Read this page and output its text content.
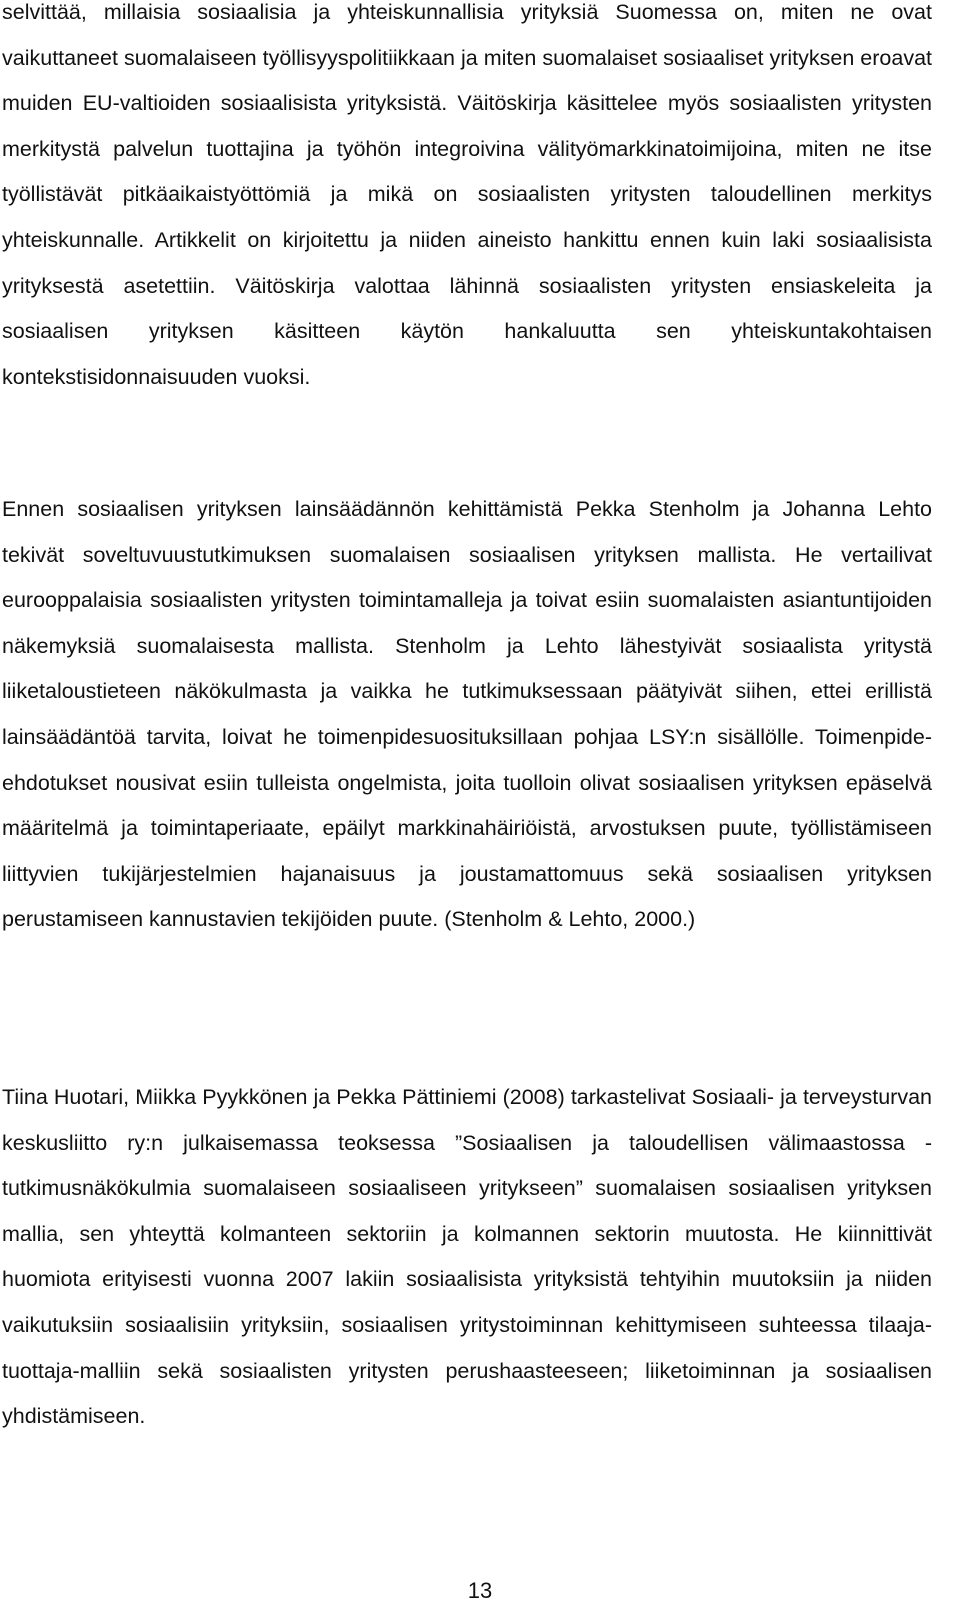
selvittää, millaisia sosiaalisia ja yhteiskunnallisia yrityksiä Suomessa on, miten ne ovat vaikuttaneet suomalaiseen työllisyyspolitiikkaan ja miten suomalaiset sosiaaliset yrityksen eroavat muiden EU-valtioiden sosiaalisista yrityksistä. Väitöskirja käsittelee myös sosiaalisten yritysten merkitystä palvelun tuottajina ja työhön integroivina välityömarkkinatoimijoina, miten ne itse työllistävät pitkäaikaistyöttömiä ja mikä on sosiaalisten yritysten taloudellinen merkitys yhteiskunnalle. Artikkelit on kirjoitettu ja niiden aineisto hankittu ennen kuin laki sosiaalisista yrityksestä asetettiin. Väitöskirja valottaa lähinnä sosiaalisten yritysten ensiaskeleita ja sosiaalisen yrityksen käsitteen käytön hankaluutta sen yhteiskuntakohtaisen kontekstisidonnaisuuden vuoksi.

Ennen sosiaalisen yrityksen lainsäädännön kehittämistä Pekka Stenholm ja Johanna Lehto tekivät soveltuvuustutkimuksen suomalaisen sosiaalisen yrityksen mallista. He vertailivat eurooppalaisia sosiaalisten yritysten toimintamalleja ja toivat esiin suomalaisten asiantuntijoiden näkemyksiä suomalaisesta mallista. Stenholm ja Lehto lähestyivät sosiaalista yritystä liiketaloustieteen näkökulmasta ja vaikka he tutkimuksessaan päätyivät siihen, ettei erillistä lainsäädäntöä tarvita, loivat he toimenpidesuosituksillaan pohjaa LSY:n sisällölle. Toimenpide-ehdotukset nousivat esiin tulleista ongelmista, joita tuolloin olivat sosiaalisen yrityksen epäselvä määritelmä ja toimintaperiaate, epäilyt markkinahäiriöistä, arvostuksen puute, työllistämiseen liittyvien tukijärjestelmien hajanaisuus ja joustamattomuus sekä sosiaalisen yrityksen perustamiseen kannustavien tekijöiden puute. (Stenholm & Lehto, 2000.)

Tiina Huotari, Miikka Pyykkönen ja Pekka Pättiniemi (2008) tarkastelivat Sosiaali- ja terveysturvan keskusliitto ry:n julkaisemassa teoksessa ”Sosiaalisen ja taloudellisen välimaastossa - tutkimusnäkökulmia suomalaiseen sosiaaliseen yritykseen” suomalaisen sosiaalisen yrityksen mallia, sen yhteyttä kolmanteen sektoriin ja kolmannen sektorin muutosta. He kiinnittivät huomiota erityisesti vuonna 2007 lakiin sosiaalisista yrityksistä tehtyihin muutoksiin ja niiden vaikutuksiin sosiaalisiin yrityksiin, sosiaalisen yritystoiminnan kehittymiseen suhteessa tilaaja-tuottaja-malliin sekä sosiaalisten yritysten perushaasteeseen; liiketoiminnan ja sosiaalisen yhdistämiseen.

13
